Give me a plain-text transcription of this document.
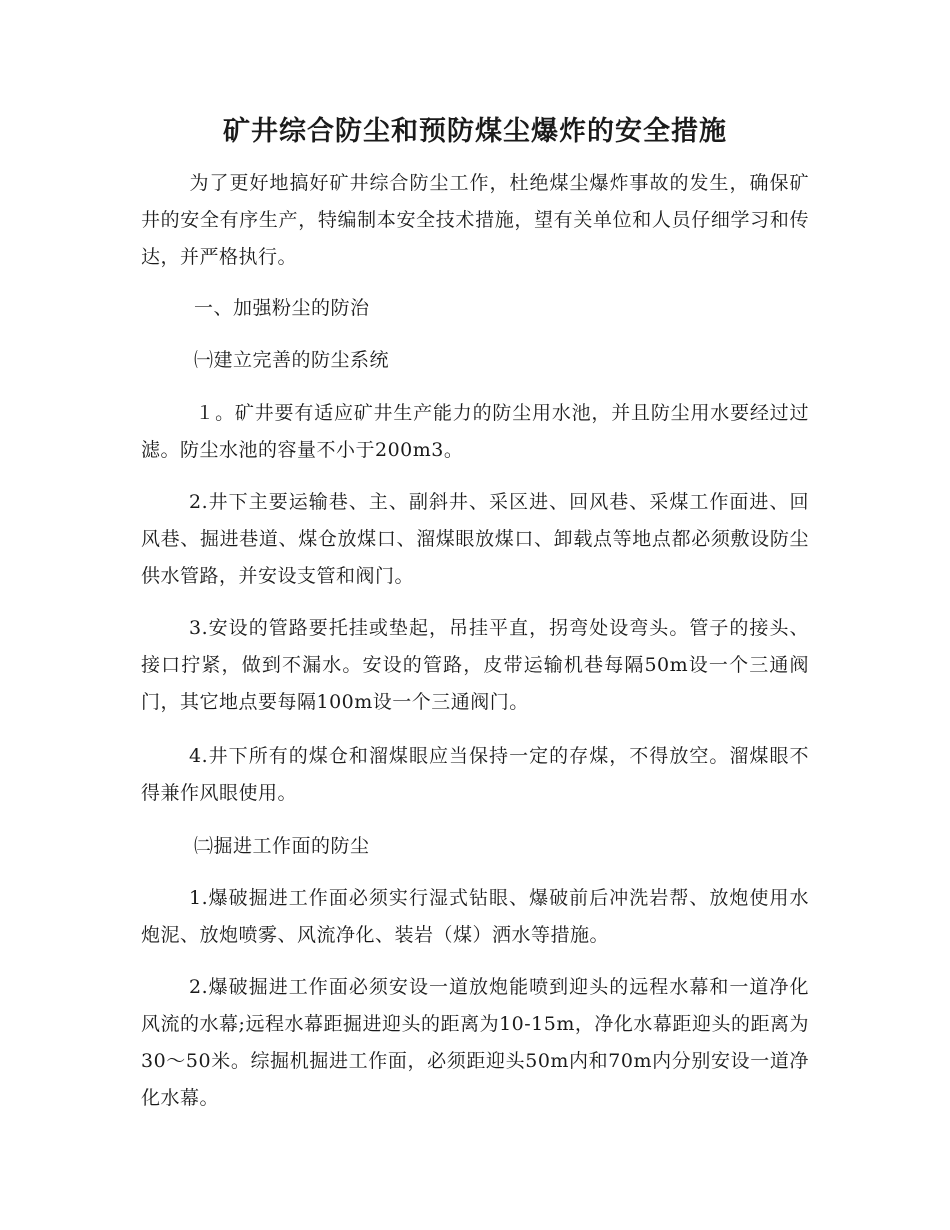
矿井综合防尘和预防煤尘爆炸的安全措施

为了更好地搞好矿井综合防尘工作，杜绝煤尘爆炸事故的发生，确保矿井的安全有序生产，特编制本安全技术措施，望有关单位和人员仔细学习和传达，并严格执行。

一、加强粉尘的防治

㈠建立完善的防尘系统

１。矿井要有适应矿井生产能力的防尘用水池，并且防尘用水要经过过滤。防尘水池的容量不小于200m3。

2.井下主要运输巷、主、副斜井、采区进、回风巷、采煤工作面进、回风巷、掘进巷道、煤仓放煤口、溜煤眼放煤口、卸载点等地点都必须敷设防尘供水管路，并安设支管和阀门。

3.安设的管路要托挂或垫起，吊挂平直，拐弯处设弯头。管子的接头、接口拧紧，做到不漏水。安设的管路，皮带运输机巷每隔50m设一个三通阀门，其它地点要每隔100m设一个三通阀门。

4.井下所有的煤仓和溜煤眼应当保持一定的存煤，不得放空。溜煤眼不得兼作风眼使用。

㈡掘进工作面的防尘

1.爆破掘进工作面必须实行湿式钻眼、爆破前后冲洗岩帮、放炮使用水炮泥、放炮喷雾、风流净化、装岩（煤）洒水等措施。

2.爆破掘进工作面必须安设一道放炮能喷到迎头的远程水幕和一道净化风流的水幕;远程水幕距掘进迎头的距离为10-15m，净化水幕距迎头的距离为30～50米。综掘机掘进工作面，必须距迎头50m内和70m内分别安设一道净化水幕。
